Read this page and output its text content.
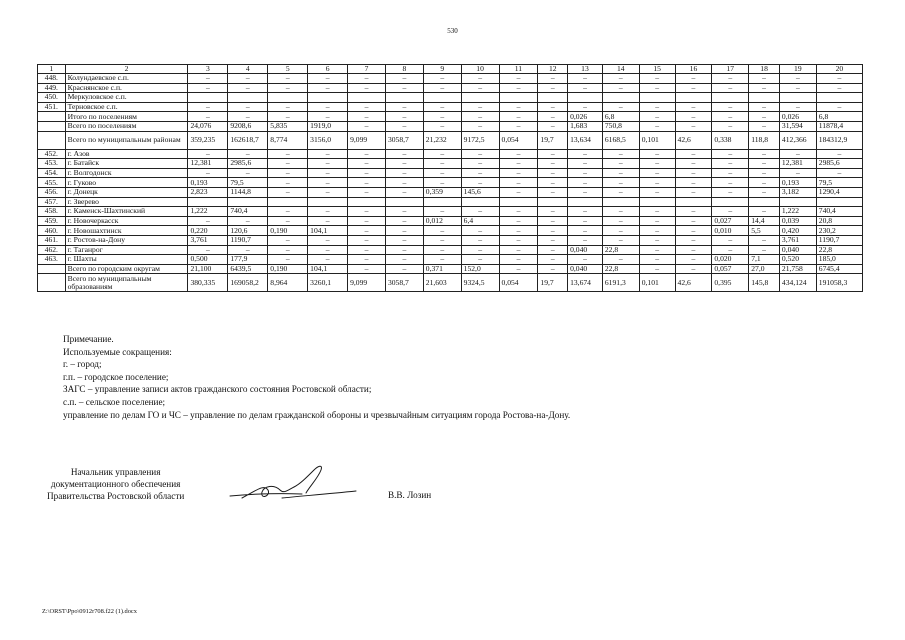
530
1	2	3	4	5	6	7	8	9	10	11	12	13	14	15	16	17	18	19	20
448.	Колундаевское с.п.	–	–	–	–	–	–	–	–	–	–	–	–	–	–	–	–	–	–
449.	Краснянское с.п.	–	–	–	–	–	–	–	–	–	–	–	–	–	–	–	–	–	–
450.	Меркуловское с.п.																		
451.	Терновское с.п.	–	–	–	–	–	–	–	–	–	–	–	–	–	–	–	–	–	–
	Итого по поселениям	–	–	–	–	–	–	–	–	–	–	0,026	6,8	–	–	–	–	0,026	6,8
	Всего по поселениям	24,076	9208,6	5,835	1919,0	–	–	–	–	–	–	1,683	750,8	–	–	–	–	31,594	11878,4
	Всего по муниципальным районам	359,235	162618,7	8,774	3156,0	9,099	3058,7	21,232	9172,5	0,054	19,7	13,634	6168,5	0,101	42,6	0,338	118,8	412,366	184312,9
452.	г. Азов	–	–	–	–	–	–	–	–	–	–	–	–	–	–	–	–	–	–
453.	г. Батайск	12,381	2985,6	–	–	–	–	–	–	–	–	–	–	–	–	–	–	12,381	2985,6
454.	г. Волгодонск	–	–	–	–	–	–	–	–	–	–	–	–	–	–	–	–	–	–
455.	г. Гуково	0,193	79,5	–	–	–	–	–	–	–	–	–	–	–	–	–	–	0,193	79,5
456.	г. Донецк	2,823	1144,8	–	–	–	–	0,359	145,6	–	–	–	–	–	–	–	–	3,182	1290,4
457.	г. Зверево																		
458.	г. Каменск-Шахтинский	1,222	740,4	–	–	–	–	–	–	–	–	–	–	–	–	–	–	1,222	740,4
459.	г. Новочеркасск	–	–	–	–	–	–	0,012	6,4	–	–	–	–	–	–	0,027	14,4	0,039	20,8
460.	г. Новошахтинск	0,220	120,6	0,190	104,1	–	–	–	–	–	–	–	–	–	–	0,010	5,5	0,420	230,2
461.	г. Ростов-на-Дону	3,761	1190,7	–	–	–	–	–	–	–	–	–	–	–	–	–	–	3,761	1190,7
462.	г. Таганрог	–	–	–	–	–	–	–	–	–	–	0,040	22,8	–	–	–	–	0,040	22,8
463.	г. Шахты	0,500	177,9	–	–	–	–	–	–	–	–	–	–	–	–	0,020	7,1	0,520	185,0
	Всего по городским округам	21,100	6439,5	0,190	104,1	–	–	0,371	152,0	–	–	0,040	22,8	–	–	0,057	27,0	21,758	6745,4
	Всего по муниципальным образованиям	380,335	169058,2	8,964	3260,1	9,099	3058,7	21,603	9324,5	0,054	19,7	13,674	6191,3	0,101	42,6	0,395	145,8	434,124	191058,3
Примечание.
Используемые сокращения:
г. – город;
г.п. – городское поселение;
ЗАГС – управление записи актов гражданского состояния Ростовской области;
с.п. – сельское поселение;
управление по делам ГО и ЧС – управление по делам гражданской обороны и чрезвычайным ситуациям города Ростова-на-Дону.
Начальник управления
документационного обеспечения
Правительства Ростовской области	В.В. Лозин
Z:\ORST\Ppo\0912r708.f22 (1).docx
